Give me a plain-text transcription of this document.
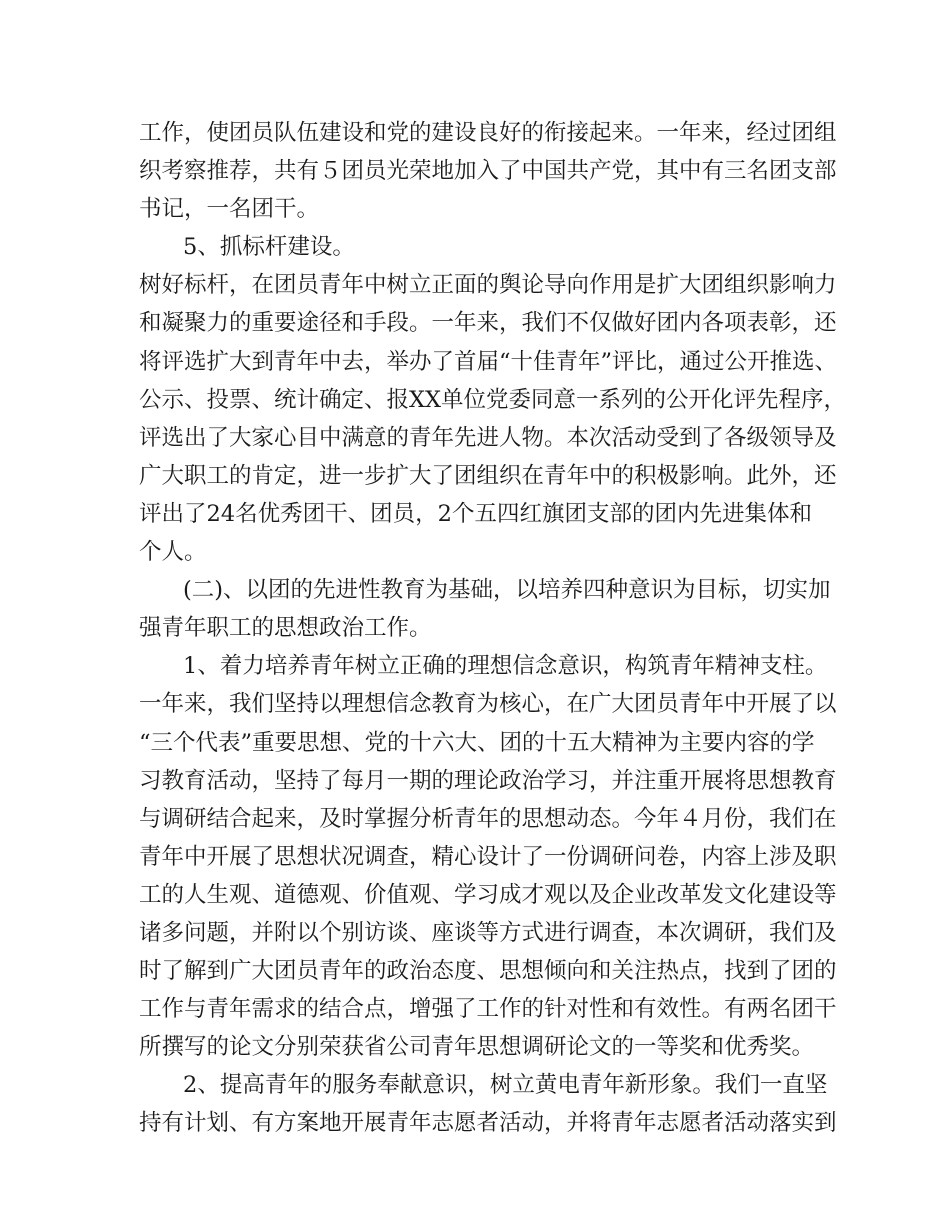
工作，使团员队伍建设和党的建设良好的衔接起来。一年来，经过团组
织考察推荐，共有５团员光荣地加入了中国共产党，其中有三名团支部
书记，一名团干。
5、抓标杆建设。
树好标杆，在团员青年中树立正面的舆论导向作用是扩大团组织影响力
和凝聚力的重要途径和手段。一年来，我们不仅做好团内各项表彰，还
将评选扩大到青年中去，举办了首届“十佳青年”评比，通过公开推选、
公示、投票、统计确定、报XX单位党委同意一系列的公开化评先程序，
评选出了大家心目中满意的青年先进人物。本次活动受到了各级领导及
广大职工的肯定，进一步扩大了团组织在青年中的积极影响。此外，还
评出了24名优秀团干、团员，2个五四红旗团支部的团内先进集体和
个人。
(二)、以团的先进性教育为基础，以培养四种意识为目标，切实加
强青年职工的思想政治工作。
1、着力培养青年树立正确的理想信念意识，构筑青年精神支柱。
一年来，我们坚持以理想信念教育为核心，在广大团员青年中开展了以
“三个代表”重要思想、党的十六大、团的十五大精神为主要内容的学
习教育活动，坚持了每月一期的理论政治学习，并注重开展将思想教育
与调研结合起来，及时掌握分析青年的思想动态。今年４月份，我们在
青年中开展了思想状况调查，精心设计了一份调研问卷，内容上涉及职
工的人生观、道德观、价值观、学习成才观以及企业改革发文化建设等
诸多问题，并附以个别访谈、座谈等方式进行调查，本次调研，我们及
时了解到广大团员青年的政治态度、思想倾向和关注热点，找到了团的
工作与青年需求的结合点，增强了工作的针对性和有效性。有两名团干
所撰写的论文分别荣获省公司青年思想调研论文的一等奖和优秀奖。
2、提高青年的服务奉献意识，树立黄电青年新形象。我们一直坚
持有计划、有方案地开展青年志愿者活动，并将青年志愿者活动落实到
